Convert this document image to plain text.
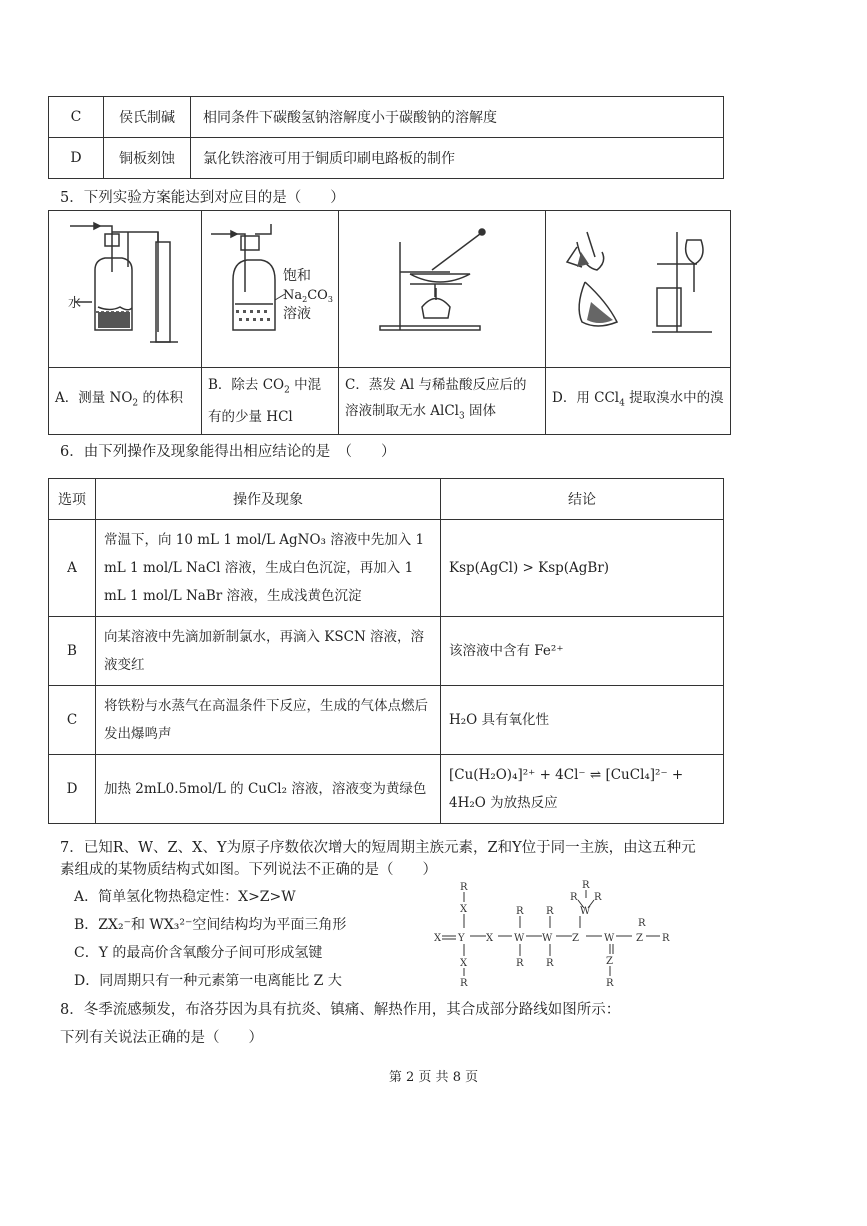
C	侯氏制碱	相同条件下碳酸氢钠溶解度小于碳酸钠的溶解度
D	铜板刻蚀	氯化铁溶液可用于铜质印刷电路板的制作
5．下列实验方案能达到对应目的是（　　）
水	饱和
$Na_2CO_3$
溶液

A．测量 $NO_2$ 的体积	B．除去 $CO_2$ 中混有的少量 HCl	C．蒸发 Al 与稀盐酸反应后的溶液制取无水 AlCl$_3$ 固体	D．用 CCl$_4$ 提取溴水中的溴
6．由下列操作及现象能得出相应结论的是　（　　）
选项	操作及现象	结论
A	常温下，向 10 mL 1 mol/L AgNO₃ 溶液中先加入 1 mL 1 mol/L NaCl 溶液，生成白色沉淀，再加入 1 mL 1 mol/L NaBr 溶液，生成浅黄色沉淀	Ksp(AgCl) > Ksp(AgBr)
B	向某溶液中先滴加新制氯水，再滴入 KSCN 溶液，溶液变红	该溶液中含有 Fe²⁺
C	将铁粉与水蒸气在高温条件下反应，生成的气体点燃后发出爆鸣声	H₂O 具有氧化性
D	加热 2mL0.5mol/L 的 CuCl₂ 溶液，溶液变为黄绿色	[Cu(H₂O)₄]²⁺ + 4Cl⁻ ⇌ [CuCl₄]²⁻ + 4H₂O 为放热反应
7．已知R、W、Z、X、Y为原子序数依次增大的短周期主族元素，Z和Y位于同一主族，由这五种元
素组成的某物质结构式如图。下列说法不正确的是（　　）
A．简单氢化物热稳定性：X>Z>W
B．ZX₂⁻和 WX₃²⁻空间结构均为平面三角形
C．Y 的最高价含氧酸分子间可形成氢键
D．同周期只有一种元素第一电离能比 Z 大
X Y X W W Z	W Z R
R
X
X
R
R
R
R
R
W
R R
R
Z
R
R
8．冬季流感频发，布洛芬因为具有抗炎、镇痛、解热作用，其合成部分路线如图所示：
下列有关说法正确的是（　　）
第 2 页 共 8 页
